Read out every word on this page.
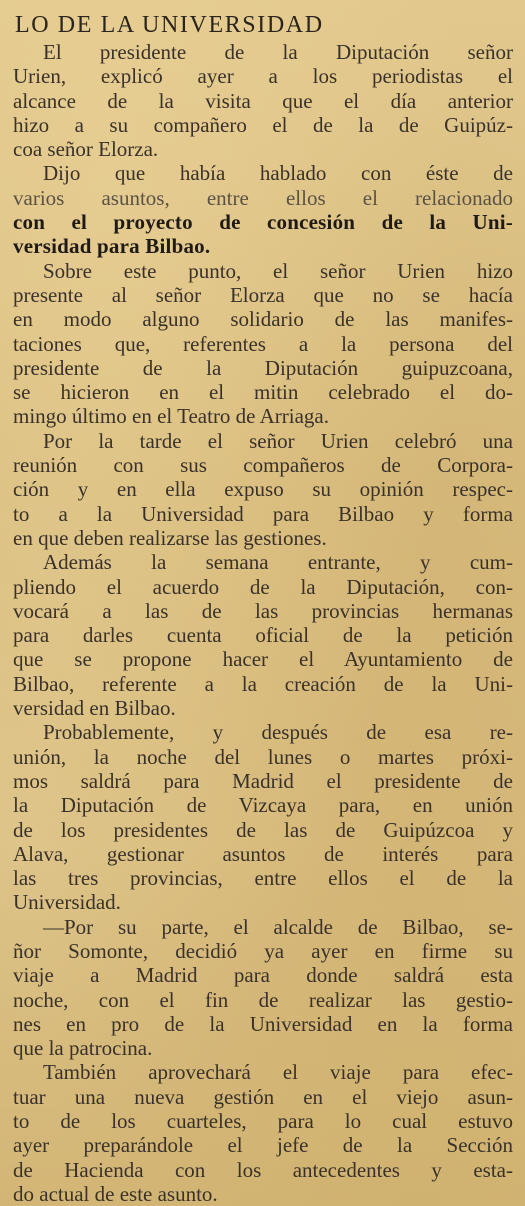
LO DE LA UNIVERSIDAD

El presidente de la Diputación señor
Urien, explicó ayer a los periodistas el
alcance de la visita que el día anterior
hizo a su compañero el de la de Guipúz-
coa señor Elorza.

Dijo que había hablado con éste de
varios asuntos, entre ellos el relacionado
con el proyecto de concesión de la Uni-
versidad para Bilbao.

Sobre este punto, el señor Urien hizo
presente al señor Elorza que no se hacía
en modo alguno solidario de las manifes-
taciones que, referentes a la persona del
presidente de la Diputación guipuzcoana,
se hicieron en el mitin celebrado el do-
mingo último en el Teatro de Arriaga.

Por la tarde el señor Urien celebró una
reunión con sus compañeros de Corpora-
ción y en ella expuso su opinión respec-
to a la Universidad para Bilbao y forma
en que deben realizarse las gestiones.

Además la semana entrante, y cum-
pliendo el acuerdo de la Diputación, con-
vocará a las de las provincias hermanas
para darles cuenta oficial de la petición
que se propone hacer el Ayuntamiento de
Bilbao, referente a la creación de la Uni-
versidad en Bilbao.

Probablemente, y después de esa re-
unión, la noche del lunes o martes próxi-
mos saldrá para Madrid el presidente de
la Diputación de Vizcaya para, en unión
de los presidentes de las de Guipúzcoa y
Alava, gestionar asuntos de interés para
las tres provincias, entre ellos el de la
Universidad.

—Por su parte, el alcalde de Bilbao, se-
ñor Somonte, decidió ya ayer en firme su
viaje a Madrid para donde saldrá esta
noche, con el fin de realizar las gestio-
nes en pro de la Universidad en la forma
que la patrocina.

También aprovechará el viaje para efec-
tuar una nueva gestión en el viejo asun-
to de los cuarteles, para lo cual estuvo
ayer preparándole el jefe de la Sección
de Hacienda con los antecedentes y esta-
do actual de este asunto.
